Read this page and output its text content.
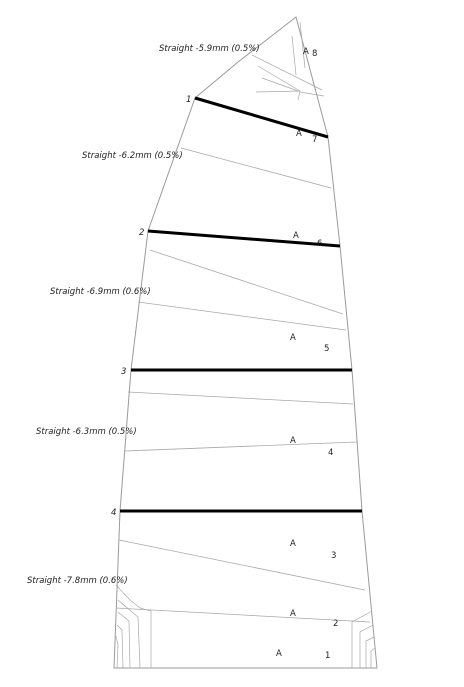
Straight -5.9mm (0.5%)
Straight -6.2mm (0.5%)
Straight -6.9mm (0.6%)
Straight -6.3mm (0.5%)
Straight -7.8mm (0.6%)
1
2
3
4
A 8
A
7
A
6
A
5
A
4
A
3
A
2
A	1
